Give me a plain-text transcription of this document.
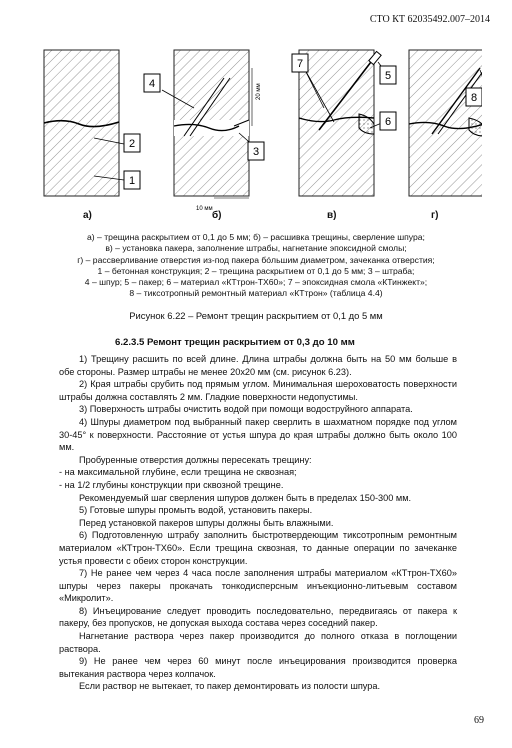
СТО КТ 62035492.007–2014
2
1
20 мм
10 мм
4
3
7
5
6
8
а)	б)	в)	г)
а) – трещина раскрытием от 0,1 до 5 мм; б) – расшивка трещины, сверление шпура;
в) – установка пакера, заполнение штрабы, нагнетание эпоксидной смолы;
г) – рассверливание отверстия из-под пакера бóльшим диаметром, зачеканка отверстия;
1 – бетонная конструкция; 2 – трещина раскрытием от 0,1 до 5 мм; 3 – штраба;
4 – шпур; 5 – пакер; 6 – материал «КТтрон-ТХ60»; 7 – эпоксидная смола «КТинжект»;
8 – тиксотропный ремонтный материал «КТтрон» (таблица 4.4)
Рисунок 6.22 – Ремонт трещин раскрытием от 0,1 до 5 мм
6.2.3.5 Ремонт трещин раскрытием от 0,3 до 10 мм

1) Трещину расшить по всей длине. Длина штрабы должна быть на 50 мм больше в обе стороны. Размер штрабы не менее 20х20 мм (см. рисунок 6.23).

2) Края штрабы срубить под прямым углом. Минимальная шероховатость поверхности штрабы должна составлять 2 мм. Гладкие поверхности недопустимы.

3) Поверхность штрабы очистить водой при помощи водоструйного аппарата.

4) Шпуры диаметром под выбранный пакер сверлить в шахматном порядке под углом 30-45° к поверхности. Расстояние от устья шпура до края штрабы должно быть около 100 мм.

Пробуренные отверстия должны пересекать трещину:

- на максимальной глубине, если трещина не сквозная;

- на 1/2 глубины конструкции при сквозной трещине.

Рекомендуемый шаг сверления шпуров должен быть в пределах 150-300 мм.

5) Готовые шпуры промыть водой, установить пакеры.

Перед установкой пакеров шпуры должны быть влажными.

6) Подготовленную штрабу заполнить быстротвердеющим тиксотропным ремонтным материалом «КТтрон-ТХ60». Если трещина сквозная, то данные операции по зачеканке устья провести с обеих сторон конструкции.

7) Не ранее чем через 4 часа после заполнения штрабы материалом «КТтрон-ТХ60» шпуры через пакеры прокачать тонкодисперсным инъекционно-литьевым составом «Микролит».

8) Инъецирование следует проводить последовательно, передвигаясь от пакера к пакеру, без пропусков, не допуская выхода состава через соседний пакер.

Нагнетание раствора через пакер производится до полного отказа в поглощении раствора.

9) Не ранее чем через 60 минут после инъецирования производится проверка вытекания раствора через колпачок.

Если раствор не вытекает, то пакер демонтировать из полости шпура.

69
